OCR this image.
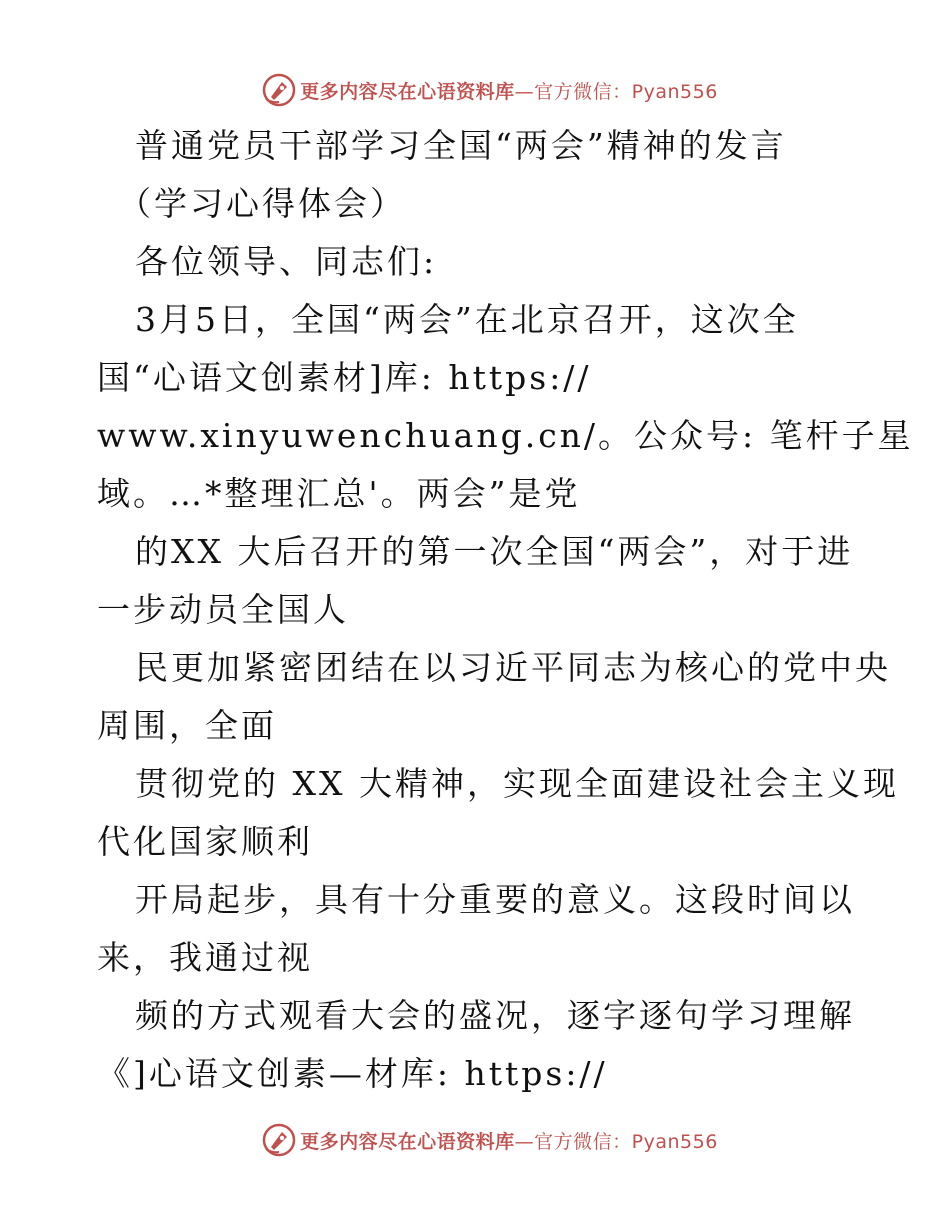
更多内容尽在心语资料库—官方微信：Pyan556
普通党员干部学习全国“两会”精神的发言
（学习心得体会）
各位领导、同志们:
3月5日，全国“两会”在北京召开，这次全
国“心语文创素材]库: https://
www.xinyuwenchuang.cn/。公众号: 笔杆子星
域。…*整理汇总'。两会”是党
的XX 大后召开的第一次全国“两会”，对于进
一步动员全国人
民更加紧密团结在以习近平同志为核心的党中央
周围，全面
贯彻党的 XX 大精神，实现全面建设社会主义现
代化国家顺利
开局起步，具有十分重要的意义。这段时间以
来，我通过视
频的方式观看大会的盛况，逐字逐句学习理解
《]心语文创素—材库: https://
更多内容尽在心语资料库—官方微信：Pyan556
